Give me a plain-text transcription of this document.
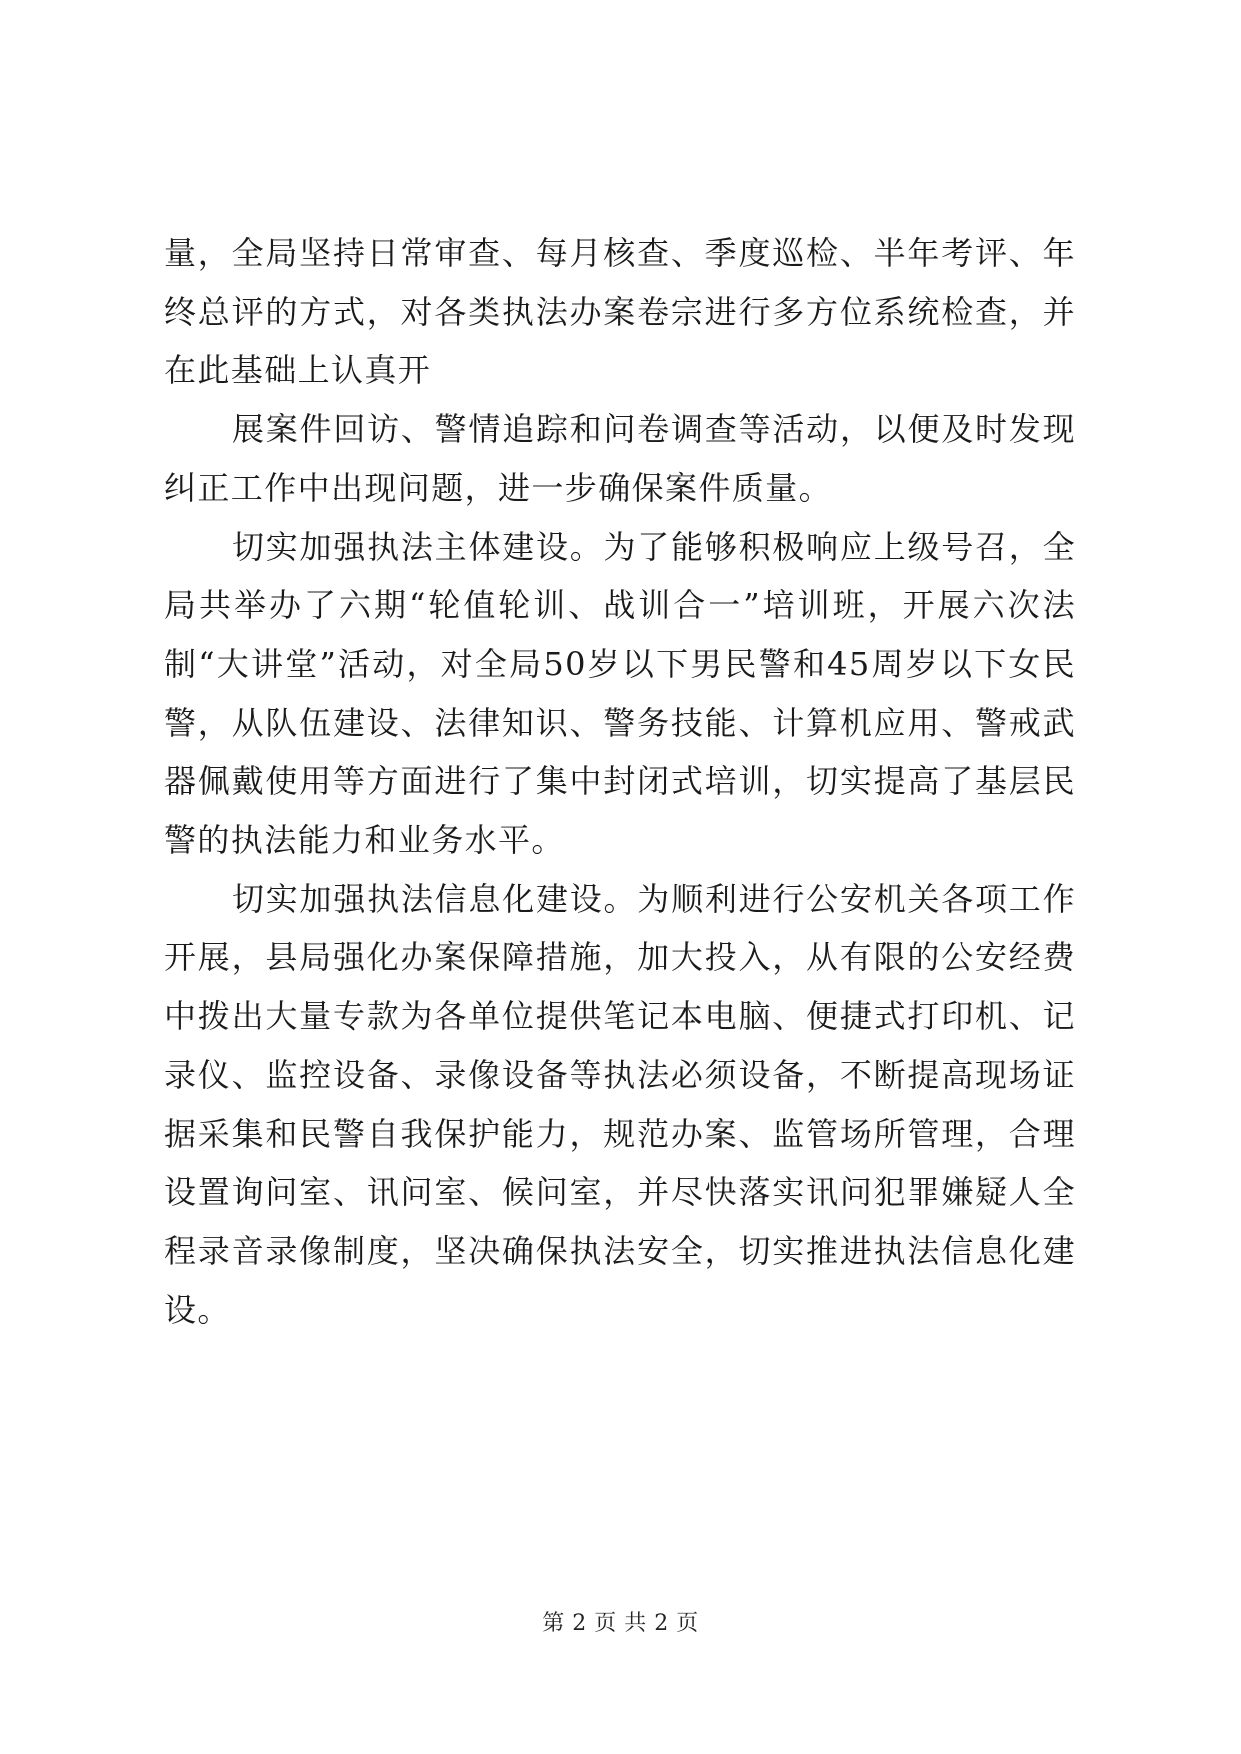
量，全局坚持日常审查、每月核查、季度巡检、半年考评、年终总评的方式，对各类执法办案卷宗进行多方位系统检查，并在此基础上认真开

展案件回访、警情追踪和问卷调查等活动，以便及时发现纠正工作中出现问题，进一步确保案件质量。

切实加强执法主体建设。为了能够积极响应上级号召，全局共举办了六期“轮值轮训、战训合一”培训班，开展六次法制“大讲堂”活动，对全局50岁以下男民警和45周岁以下女民警，从队伍建设、法律知识、警务技能、计算机应用、警戒武器佩戴使用等方面进行了集中封闭式培训，切实提高了基层民警的执法能力和业务水平。

切实加强执法信息化建设。为顺利进行公安机关各项工作开展，县局强化办案保障措施，加大投入，从有限的公安经费中拨出大量专款为各单位提供笔记本电脑、便捷式打印机、记录仪、监控设备、录像设备等执法必须设备，不断提高现场证据采集和民警自我保护能力，规范办案、监管场所管理，合理设置询问室、讯问室、候问室，并尽快落实讯问犯罪嫌疑人全程录音录像制度，坚决确保执法安全，切实推进执法信息化建设。

第 2 页 共 2 页
